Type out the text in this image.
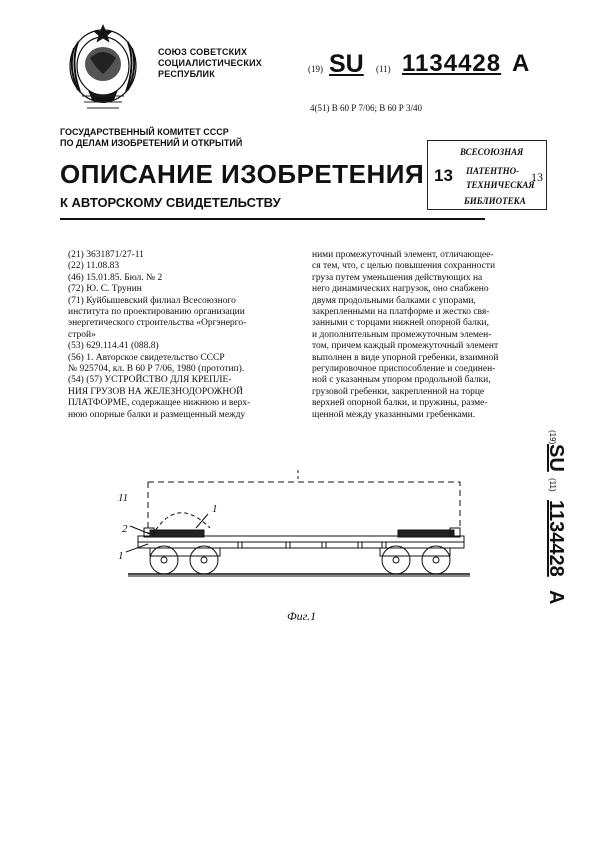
СОЮЗ СОВЕТСКИХ
СОЦИАЛИСТИЧЕСКИХ
РЕСПУБЛИК	(19) SU (11) 1134428 A
4(51) В 60 Р 7/06; В 60 Р 3/40
ГОСУДАРСТВЕННЫЙ КОМИТЕТ СССР
ПО ДЕЛАМ ИЗОБРЕТЕНИЙ И ОТКРЫТИЙ
13
ВСЕСОЮЗНАЯ
ПАТЕНТНО-
ТЕХНИЧЕСКАЯ
БИБЛИОТЕКА
13
ОПИСАНИЕ ИЗОБРЕТЕНИЯ
К АВТОРСКОМУ СВИДЕТЕЛЬСТВУ
(21) 3631871/27-11
(22) 11.08.83
(46) 15.01.85. Бюл. № 2
(72) Ю. С. Трунин
(71) Куйбышевский филиал Всесоюзного
института по проектированию организации
энергетического строительства «Оргэнерго-
строй»
(53) 629.114.41 (088.8)
(56) 1. Авторское свидетельство СССР
№ 925704, кл. В 60 Р 7/06, 1980 (прототип).
(54) (57) УСТРОЙСТВО ДЛЯ КРЕПЛЕ-
НИЯ ГРУЗОВ НА ЖЕЛЕЗНОДОРОЖНОЙ
ПЛАТФОРМЕ, содержащее нижнюю и верх-
нюю опорные балки и размещенный между
ними промежуточный элемент, отличающее-
ся тем, что, с целью повышения сохранности
груза путем уменьшения действующих на
него динамических нагрузок, оно снабжено
двумя продольными балками с упорами,
закрепленными на платформе и жестко свя-
занными с торцами нижней опорной балки,
и дополнительным промежуточным элемен-
том, причем каждый промежуточный элемент
выполнен в виде упорной гребенки, взаимной
регулировочное приспособление и соединен-
ной с указанным упором продольной балки,
грузовой гребенки, закрепленной на торце
верхней опорной балки, и пружины, разме-
щенной между указанными гребенками.
(19)
SU
(11)
1134428
A
11
1
2
1
Фиг.1
